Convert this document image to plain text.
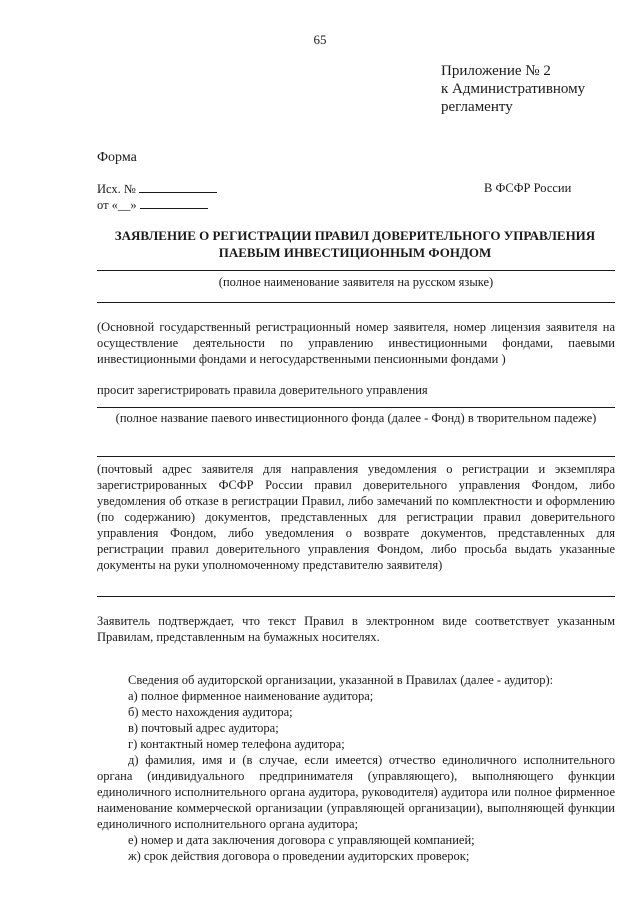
65
Приложение № 2
к Административному
регламенту
Форма
Исх. №
от «__»
В ФСФР России
ЗАЯВЛЕНИЕ О РЕГИСТРАЦИИ ПРАВИЛ ДОВЕРИТЕЛЬНОГО УПРАВЛЕНИЯ
ПАЕВЫМ ИНВЕСТИЦИОННЫМ ФОНДОМ
(полное наименование заявителя на русском языке)
(Основной государственный регистрационный номер заявителя, номер лицензия заявителя на осуществление деятельности по управлению инвестиционными фондами, паевыми инвестиционными фондами и негосударственными пенсионными фондами )
просит зарегистрировать правила доверительного управления
(полное название паевого инвестиционного фонда (далее - Фонд) в творительном падеже)
(почтовый адрес заявителя для направления уведомления о регистрации и экземпляра зарегистрированных ФСФР России правил доверительного управления Фондом, либо уведомления об отказе в регистрации Правил, либо замечаний по комплектности и оформлению (по содержанию) документов, представленных для регистрации правил доверительного управления Фондом, либо уведомления о возврате документов, представленных для регистрации правил доверительного управления Фондом, либо просьба выдать указанные документы на руки уполномоченному представителю заявителя)
Заявитель подтверждает, что текст Правил в электронном виде соответствует указанным Правилам, представленным на бумажных носителях.
Сведения об аудиторской организации, указанной в Правилах (далее - аудитор):
а) полное фирменное наименование аудитора;
б) место нахождения аудитора;
в) почтовый адрес аудитора;
г) контактный номер телефона аудитора;
д) фамилия, имя и (в случае, если имеется) отчество единоличного исполнительного органа (индивидуального предпринимателя (управляющего), выполняющего функции единоличного исполнительного органа аудитора, руководителя) аудитора или полное фирменное наименование коммерческой организации (управляющей организации), выполняющей функции единоличного исполнительного органа аудитора;
е) номер и дата заключения договора с управляющей компанией;
ж) срок действия договора о проведении аудиторских проверок;
